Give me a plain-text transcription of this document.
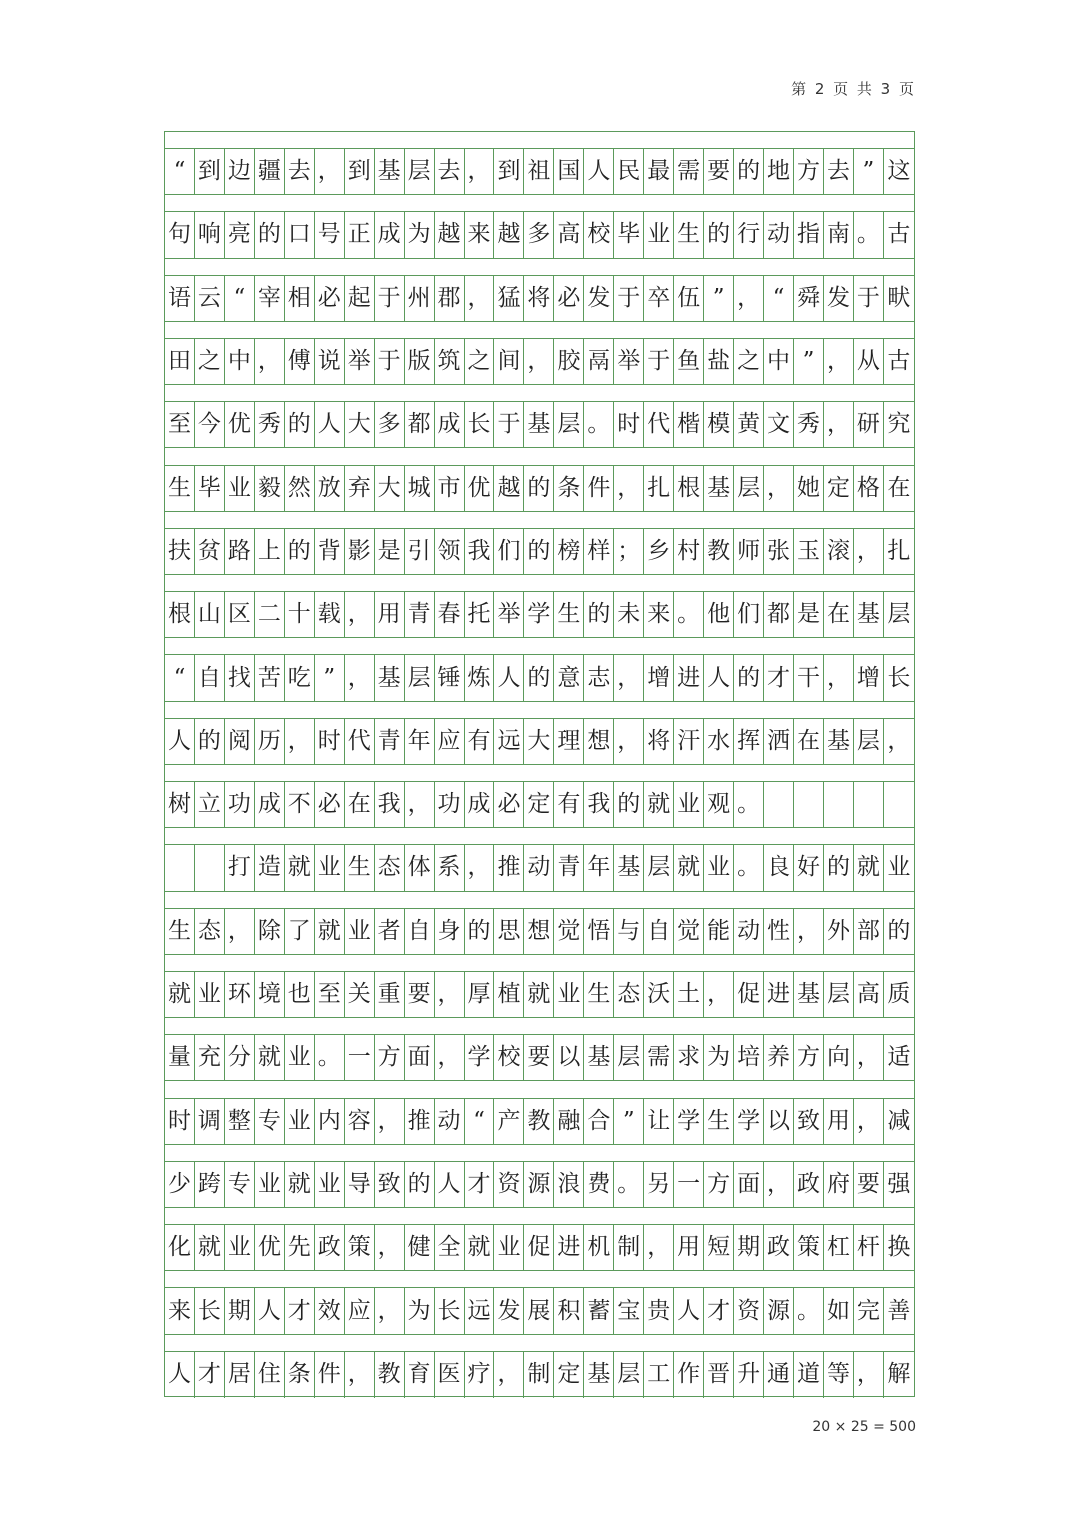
第 2 页 共 3 页
“ 到 边 疆 去 ， 到 基 层 去 ， 到 祖 国 人 民 最 需 要 的 地 方 去 ” 这
句 响 亮 的 口 号 正 成 为 越 来 越 多 高 校 毕 业 生 的 行 动 指 南 。 古
语 云 “ 宰 相 必 起 于 州 郡 ， 猛 将 必 发 于 卒 伍 ” ， “ 舜 发 于 畎
田 之 中 ， 傅 说 举 于 版 筑 之 间 ， 胶 鬲 举 于 鱼 盐 之 中 ” ， 从 古
至 今 优 秀 的 人 大 多 都 成 长 于 基 层 。 时 代 楷 模 黄 文 秀 ， 研 究
生 毕 业 毅 然 放 弃 大 城 市 优 越 的 条 件 ， 扎 根 基 层 ， 她 定 格 在
扶 贫 路 上 的 背 影 是 引 领 我 们 的 榜 样 ； 乡 村 教 师 张 玉 滚 ， 扎
根 山 区 二 十 载 ， 用 青 春 托 举 学 生 的 未 来 。 他 们 都 是 在 基 层
“ 自 找 苦 吃 ” ， 基 层 锤 炼 人 的 意 志 ， 增 进 人 的 才 干 ， 增 长
人 的 阅 历 ， 时 代 青 年 应 有 远 大 理 想 ， 将 汗 水 挥 洒 在 基 层 ，
树 立 功 成 不 必 在 我 ， 功 成 必 定 有 我 的 就 业 观 。
打 造 就 业 生 态 体 系 ， 推 动 青 年 基 层 就 业 。 良 好 的 就 业
生 态 ， 除 了 就 业 者 自 身 的 思 想 觉 悟 与 自 觉 能 动 性 ， 外 部 的
就 业 环 境 也 至 关 重 要 ， 厚 植 就 业 生 态 沃 土 ， 促 进 基 层 高 质
量 充 分 就 业 。 一 方 面 ， 学 校 要 以 基 层 需 求 为 培 养 方 向 ， 适
时 调 整 专 业 内 容 ， 推 动 “ 产 教 融 合 ” 让 学 生 学 以 致 用 ， 减
少 跨 专 业 就 业 导 致 的 人 才 资 源 浪 费 。 另 一 方 面 ， 政 府 要 强
化 就 业 优 先 政 策 ， 健 全 就 业 促 进 机 制 ， 用 短 期 政 策 杠 杆 换
来 长 期 人 才 效 应 ， 为 长 远 发 展 积 蓄 宝 贵 人 才 资 源 。 如 完 善
人 才 居 住 条 件 ， 教 育 医 疗 ， 制 定 基 层 工 作 晋 升 通 道 等 ， 解
20 × 25 = 500
